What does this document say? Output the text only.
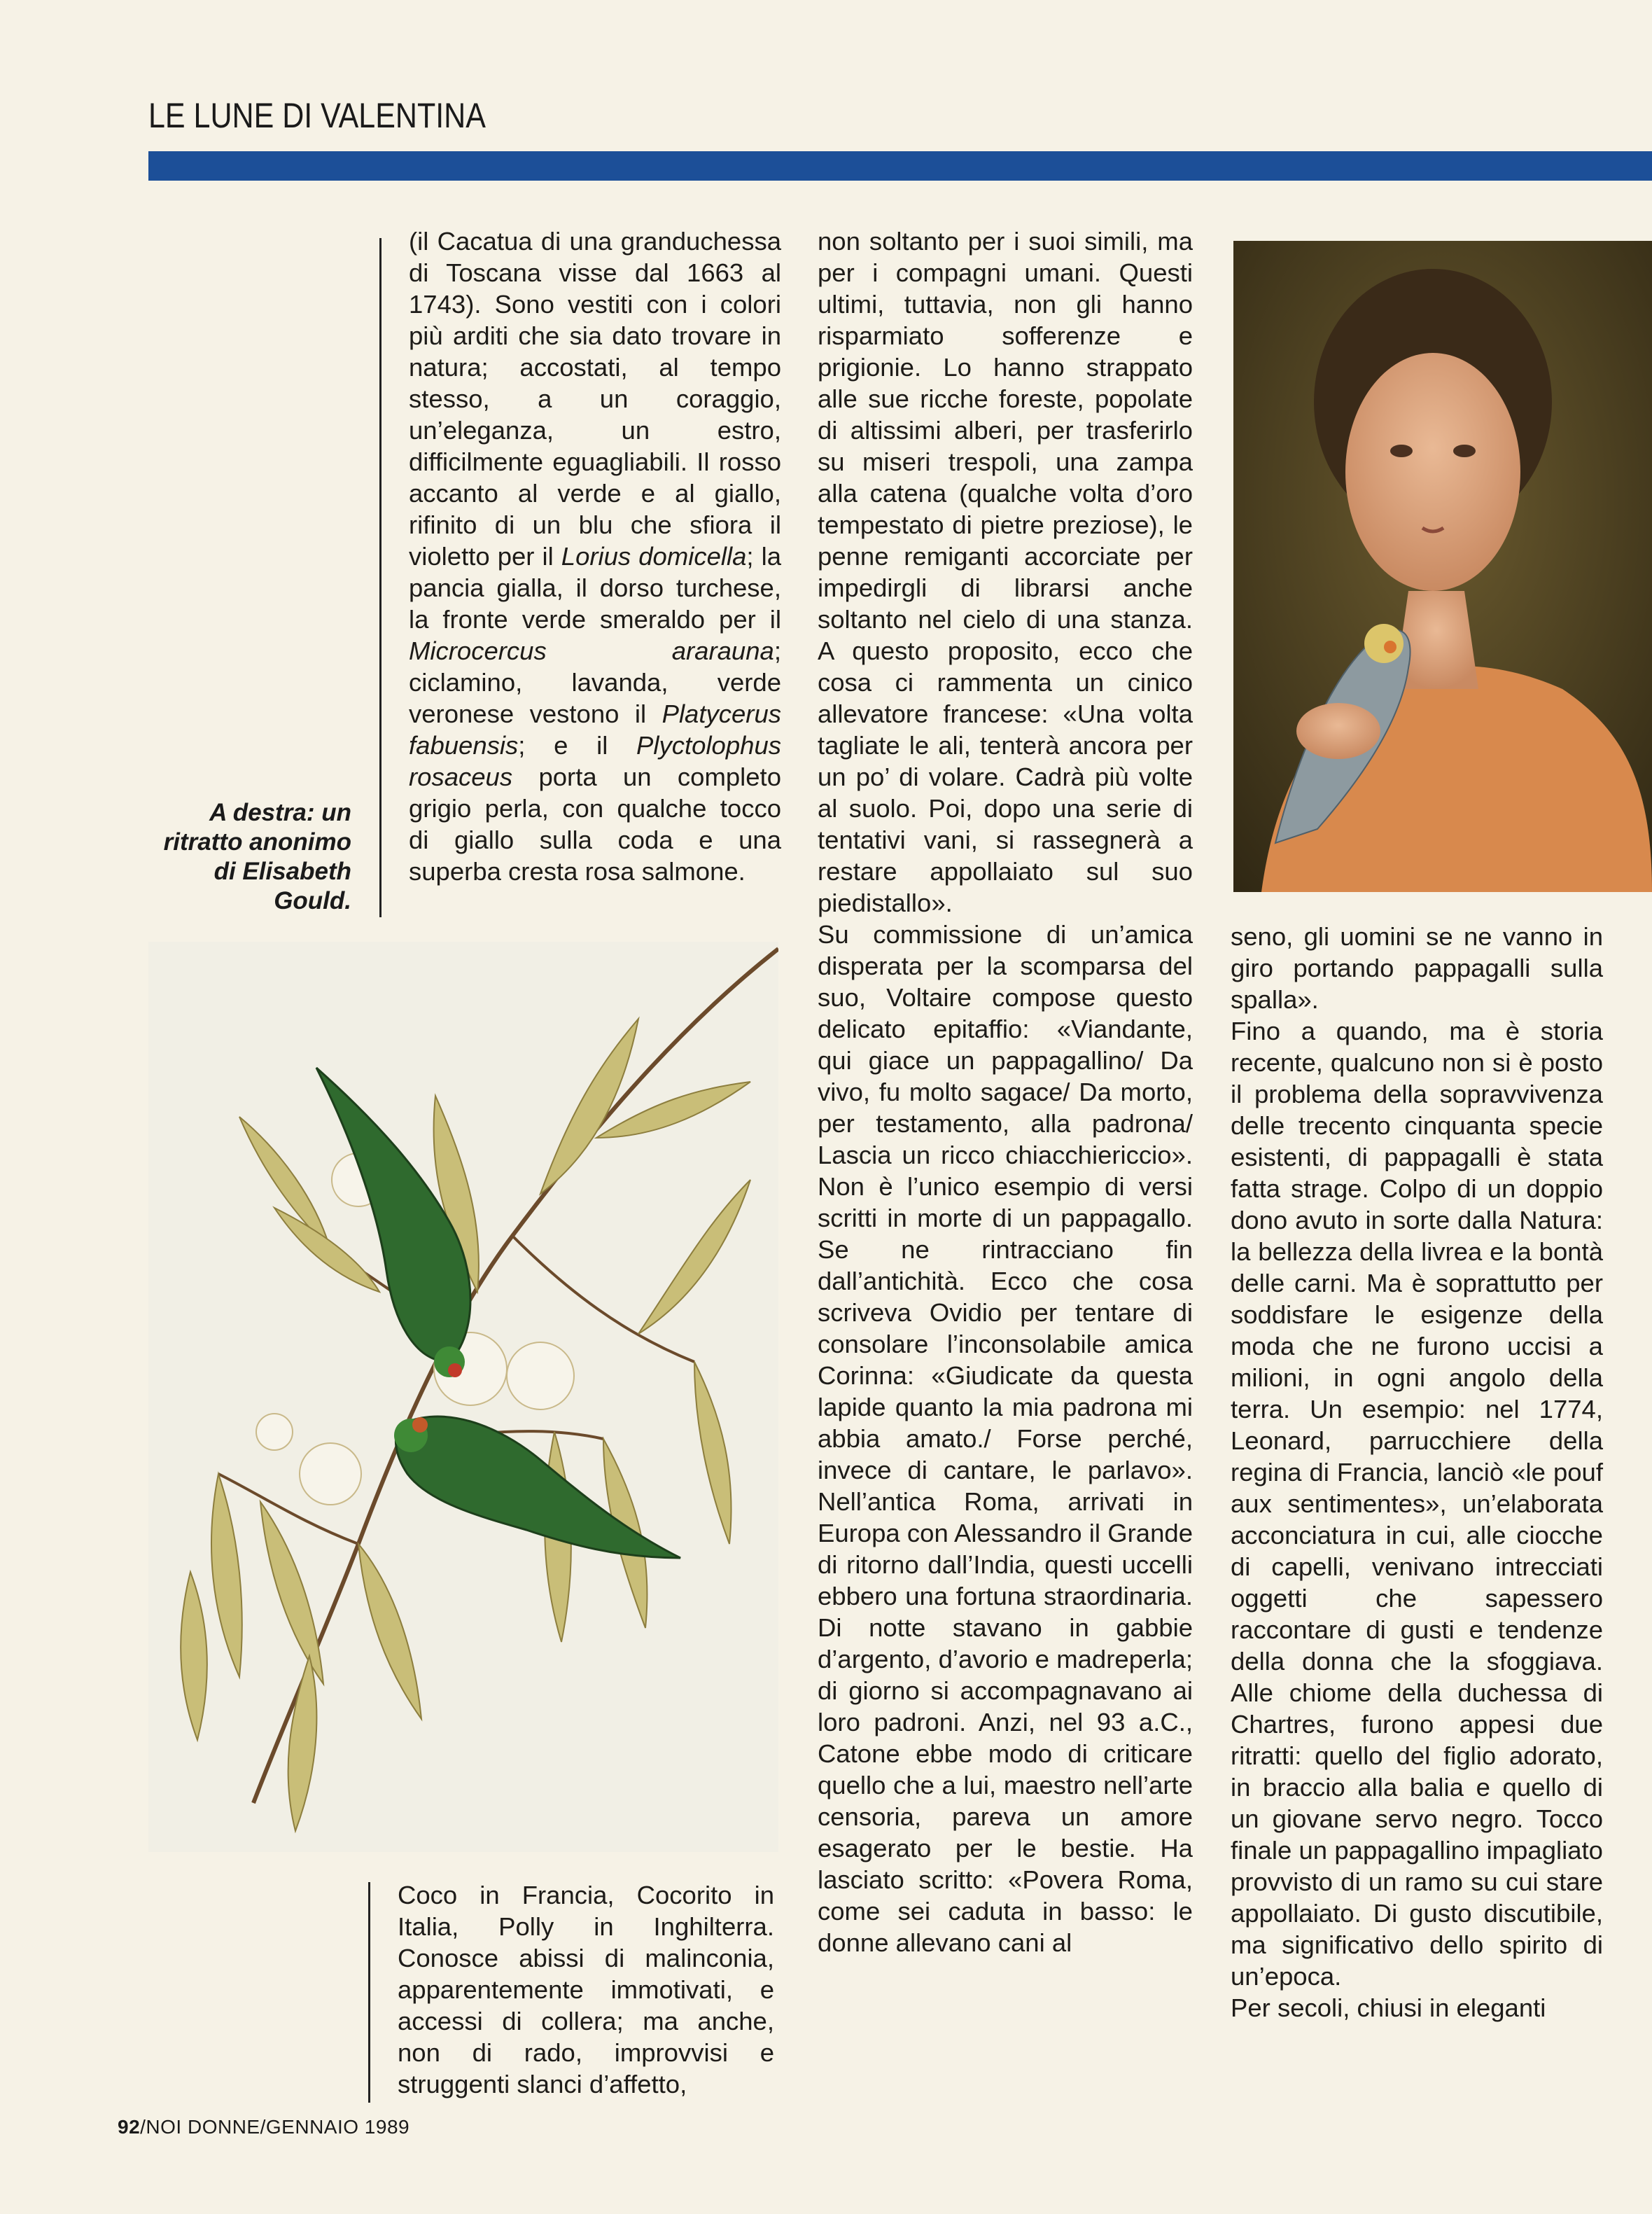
LE LUNE DI VALENTINA
A destra: un
ritratto anonimo
di Elisabeth
Gould.

(il Cacatua di una granduchessa di Toscana visse dal 1663 al 1743). Sono vestiti con i colori più arditi che sia dato trovare in natura; accostati, al tempo stesso, a un coraggio, un’eleganza, un estro, difficilmente eguagliabili. Il rosso accanto al verde e al giallo, rifinito di un blu che sfiora il violetto per il Lorius domicella; la pancia gialla, il dorso turchese, la fronte verde smeraldo per il Microcercus ararauna; ciclamino, lavanda, verde veronese vestono il Platycerus fabuensis; e il Plyctolophus rosaceus porta un completo grigio perla, con qualche tocco di giallo sulla coda e una superba cresta rosa salmone.

Coco in Francia, Cocorito in Italia, Polly in Inghilterra. Conosce abissi di malinconia, apparentemente immotivati, e accessi di collera; ma anche, non di rado, improvvisi e struggenti slanci d’affetto,

non soltanto per i suoi simili, ma per i compagni umani. Questi ultimi, tuttavia, non gli hanno risparmiato sofferenze e prigionie. Lo hanno strappato alle sue ricche foreste, popolate di altissimi alberi, per trasferirlo su miseri trespoli, una zampa alla catena (qualche volta d’oro tempestato di pietre preziose), le penne remiganti accorciate per impedirgli di librarsi anche soltanto nel cielo di una stanza. A questo proposito, ecco che cosa ci rammenta un cinico allevatore francese: «Una volta tagliate le ali, tenterà ancora per un po’ di volare. Cadrà più volte al suolo. Poi, dopo una serie di tentativi vani, si rassegnerà a restare appollaiato sul suo piedistallo».

Su commissione di un’amica disperata per la scomparsa del suo, Voltaire compose questo delicato epitaffio: «Viandante, qui giace un pappagallino/ Da vivo, fu molto sagace/ Da morto, per testamento, alla padrona/ Lascia un ricco chiacchiericcio». Non è l’unico esempio di versi scritti in morte di un pappagallo. Se ne rintracciano fin dall’antichità. Ecco che cosa scriveva Ovidio per tentare di consolare l’inconsolabile amica Corinna: «Giudicate da questa lapide quanto la mia padrona mi abbia amato./ Forse perché, invece di cantare, le parlavo». Nell’antica Roma, arrivati in Europa con Alessandro il Grande di ritorno dall’India, questi uccelli ebbero una fortuna straordinaria. Di notte stavano in gabbie d’argento, d’avorio e madreperla; di giorno si accompagnavano ai loro padroni. Anzi, nel 93 a.C., Catone ebbe modo di criticare quello che a lui, maestro nell’arte censoria, pareva un amore esagerato per le bestie. Ha lasciato scritto: «Povera Roma, come sei caduta in basso: le donne allevano cani al

seno, gli uomini se ne vanno in giro portando pappagalli sulla spalla».

Fino a quando, ma è storia recente, qualcuno non si è posto il problema della sopravvivenza delle trecento cinquanta specie esistenti, di pappagalli è stata fatta strage. Colpo di un doppio dono avuto in sorte dalla Natura: la bellezza della livrea e la bontà delle carni. Ma è soprattutto per soddisfare le esigenze della moda che ne furono uccisi a milioni, in ogni angolo della terra. Un esempio: nel 1774, Leonard, parrucchiere della regina di Francia, lanciò «le pouf aux sentimentes», un’elaborata acconciatura in cui, alle ciocche di capelli, venivano intrecciati oggetti che sapessero raccontare di gusti e tendenze della donna che la sfoggiava. Alle chiome della duchessa di Chartres, furono appesi due ritratti: quello del figlio adorato, in braccio alla balia e quello di un giovane servo negro. Tocco finale un pappagallino impagliato provvisto di un ramo su cui stare appollaiato. Di gusto discutibile, ma significativo dello spirito di un’epoca.

Per secoli, chiusi in eleganti

92/NOI DONNE/GENNAIO 1989
